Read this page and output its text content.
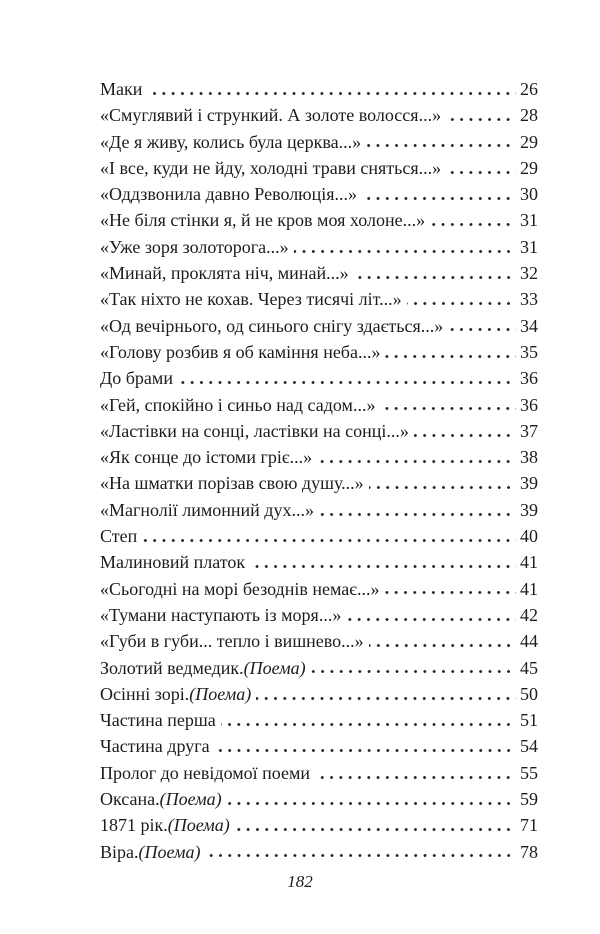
Маки	26
«Смуглявий і стрункий. А золоте волосся...»	28
«Де я живу, колись була церква...»	29
«І все, куди не йду, холодні трави сняться...»	29
«Оддзвонила давно Революція...»	30
«Не біля стінки я, й не кров моя холоне...»	31
«Уже зоря золоторога...»	31
«Минай, проклята ніч, минай...»	32
«Так ніхто не кохав. Через тисячі літ...»	33
«Од вечірнього, од синього снігу здається...»	34
«Голову розбив я об каміння неба...»	35
До брами	36
«Гей, спокійно і синьо над садом...»	36
«Ластівки на сонці, ластівки на сонці...»	37
«Як сонце до істоми гріє...»	38
«На шматки порізав свою душу...»	39
«Магнолії лимонний дух...»	39
Степ	40
Малиновий платок	41
«Сьогодні на морі безоднів немає...»	41
«Тумани наступають із моря...»	42
«Губи в губи... тепло і вишнево...»	44
Золотий ведмедик. (Поема)	45
Осінні зорі. (Поема)	50
Частина перша	51
Частина друга	54
Пролог до невідомої поеми	55
Оксана. (Поема)	59
1871 рік. (Поема)	71
Віра. (Поема)	78
182
